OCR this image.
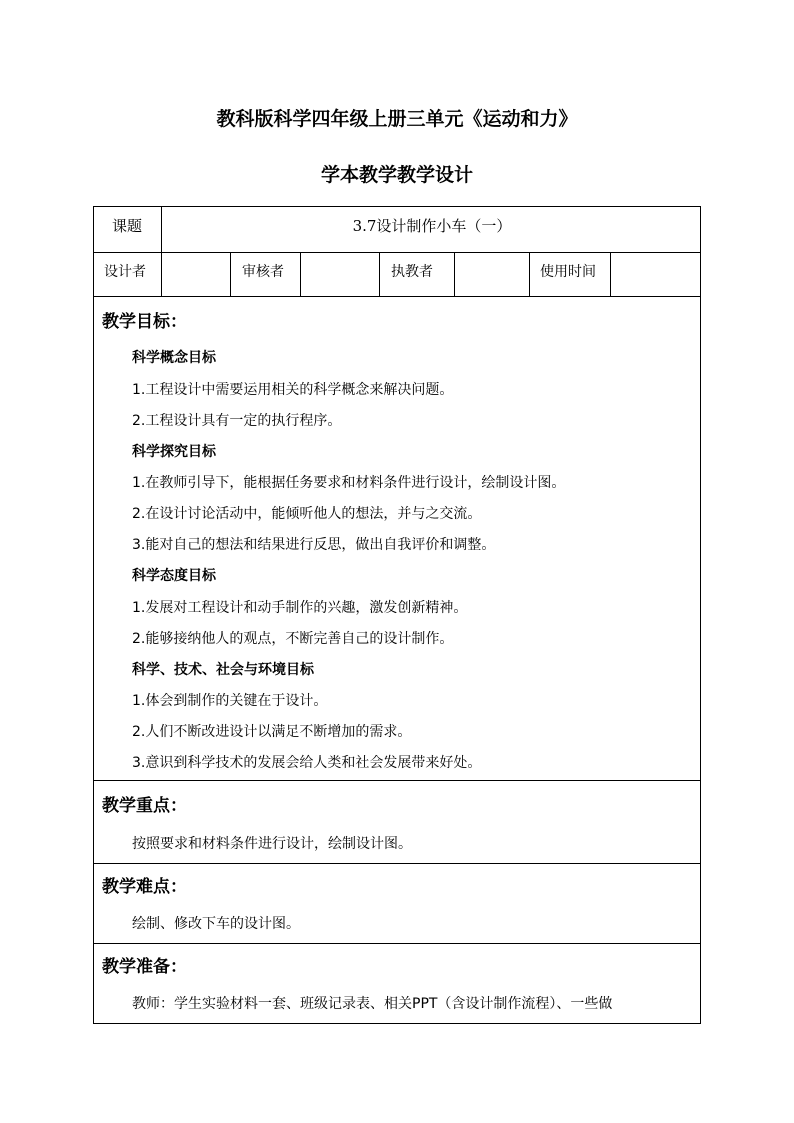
教科版科学四年级上册三单元《运动和力》
学本教学教学设计
课题	3.7设计制作小车（一）
设计者	审核者	执教者	使用时间
教学目标：
科学概念目标
1.工程设计中需要运用相关的科学概念来解决问题。
2.工程设计具有一定的执行程序。
科学探究目标
1.在教师引导下，能根据任务要求和材料条件进行设计，绘制设计图。
2.在设计讨论活动中，能倾听他人的想法，并与之交流。
3.能对自己的想法和结果进行反思，做出自我评价和调整。
科学态度目标
1.发展对工程设计和动手制作的兴趣，激发创新精神。
2.能够接纳他人的观点，不断完善自己的设计制作。
科学、技术、社会与环境目标
1.体会到制作的关键在于设计。
2.人们不断改进设计以满足不断增加的需求。
3.意识到科学技术的发展会给人类和社会发展带来好处。
教学重点：
按照要求和材料条件进行设计，绘制设计图。
教学难点：
绘制、修改下车的设计图。
教学准备：
教师：学生实验材料一套、班级记录表、相关PPT（含设计制作流程）、一些做
